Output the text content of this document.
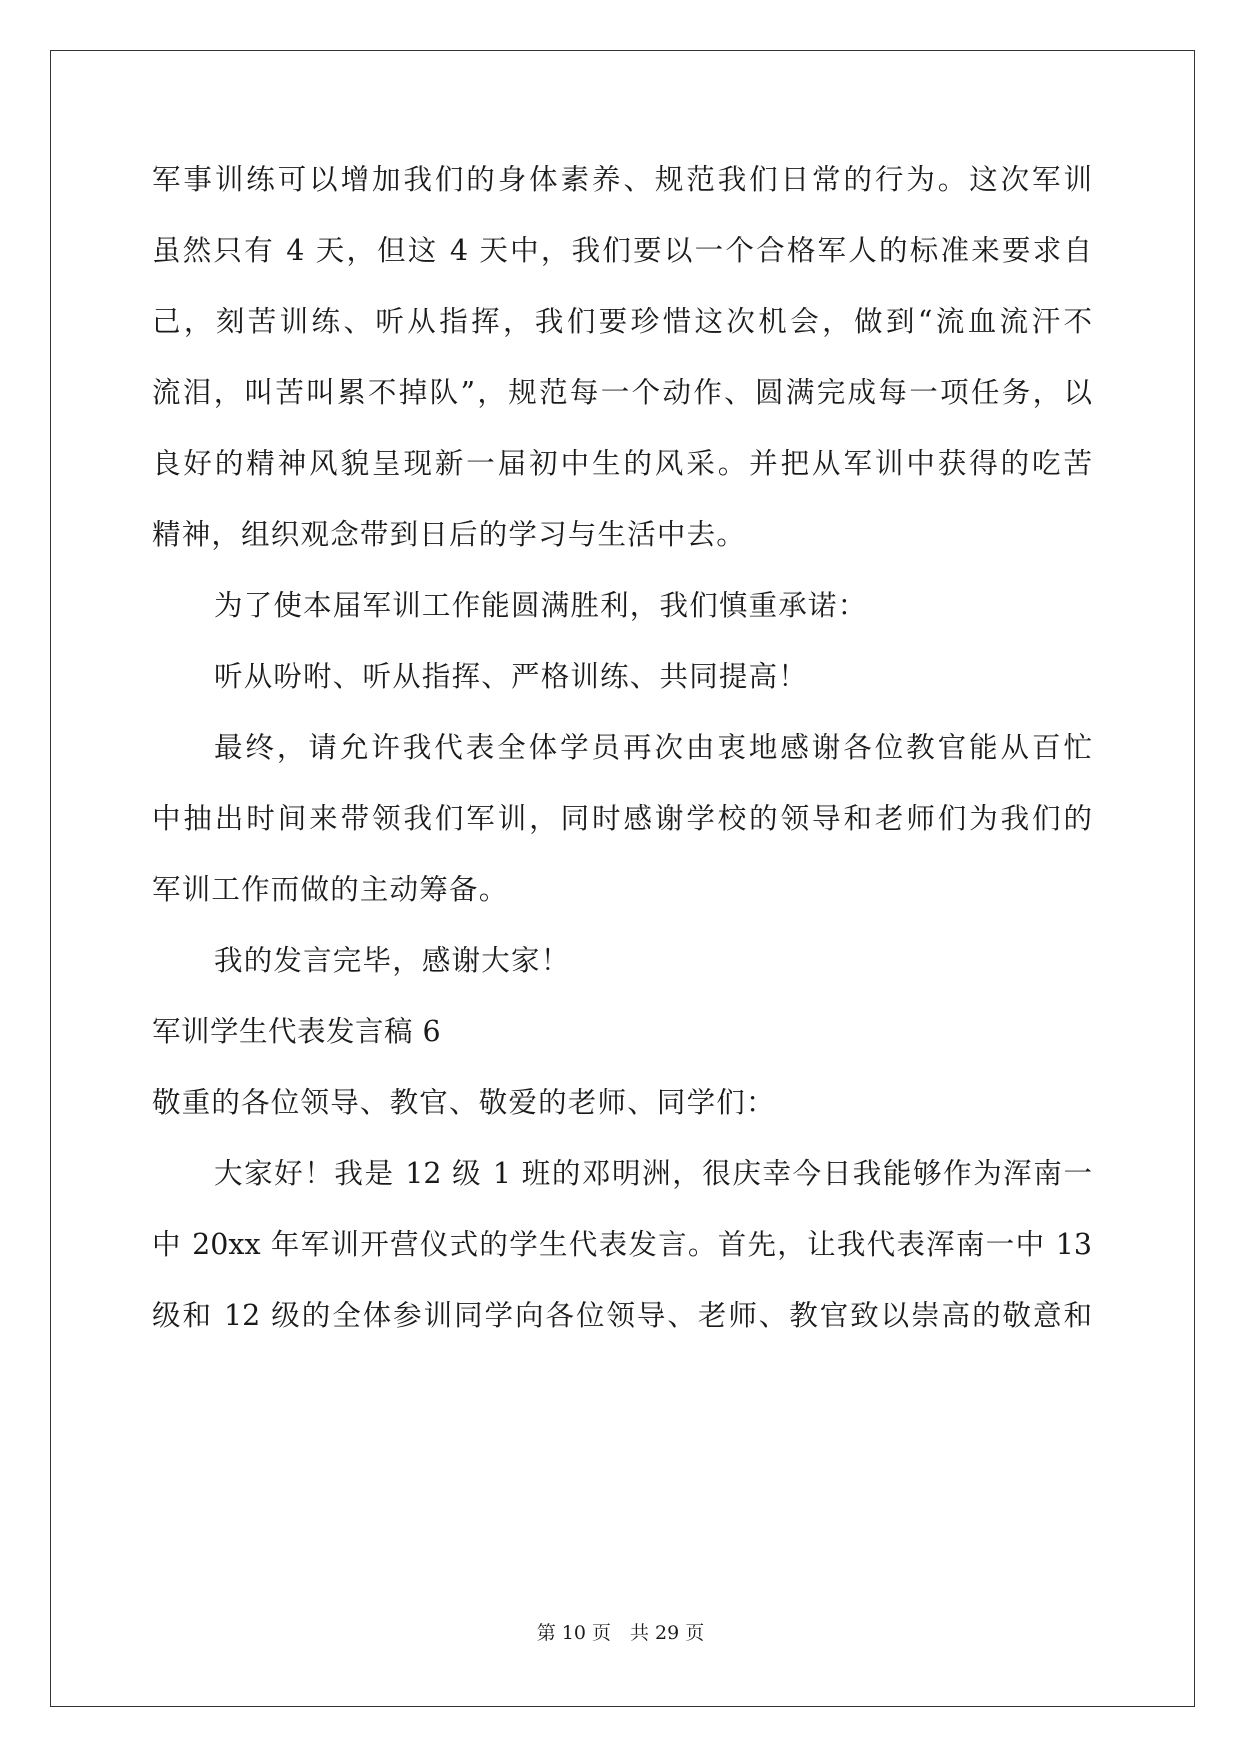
军事训练可以增加我们的身体素养、规范我们日常的行为。这次军训
虽然只有 4 天，但这 4 天中，我们要以一个合格军人的标准来要求自
己，刻苦训练、听从指挥，我们要珍惜这次机会，做到“流血流汗不
流泪，叫苦叫累不掉队”，规范每一个动作、圆满完成每一项任务，以
良好的精神风貌呈现新一届初中生的风采。并把从军训中获得的吃苦
精神，组织观念带到日后的学习与生活中去。
为了使本届军训工作能圆满胜利，我们慎重承诺：
听从吩咐、听从指挥、严格训练、共同提高！
最终，请允许我代表全体学员再次由衷地感谢各位教官能从百忙
中抽出时间来带领我们军训，同时感谢学校的领导和老师们为我们的
军训工作而做的主动筹备。
我的发言完毕，感谢大家！
军训学生代表发言稿 6
敬重的各位领导、教官、敬爱的老师、同学们：
大家好！我是 12 级 1 班的邓明洲，很庆幸今日我能够作为浑南一
中 20xx 年军训开营仪式的学生代表发言。首先，让我代表浑南一中 13
级和 12 级的全体参训同学向各位领导、老师、教官致以崇高的敬意和
第 10 页　共 29 页
